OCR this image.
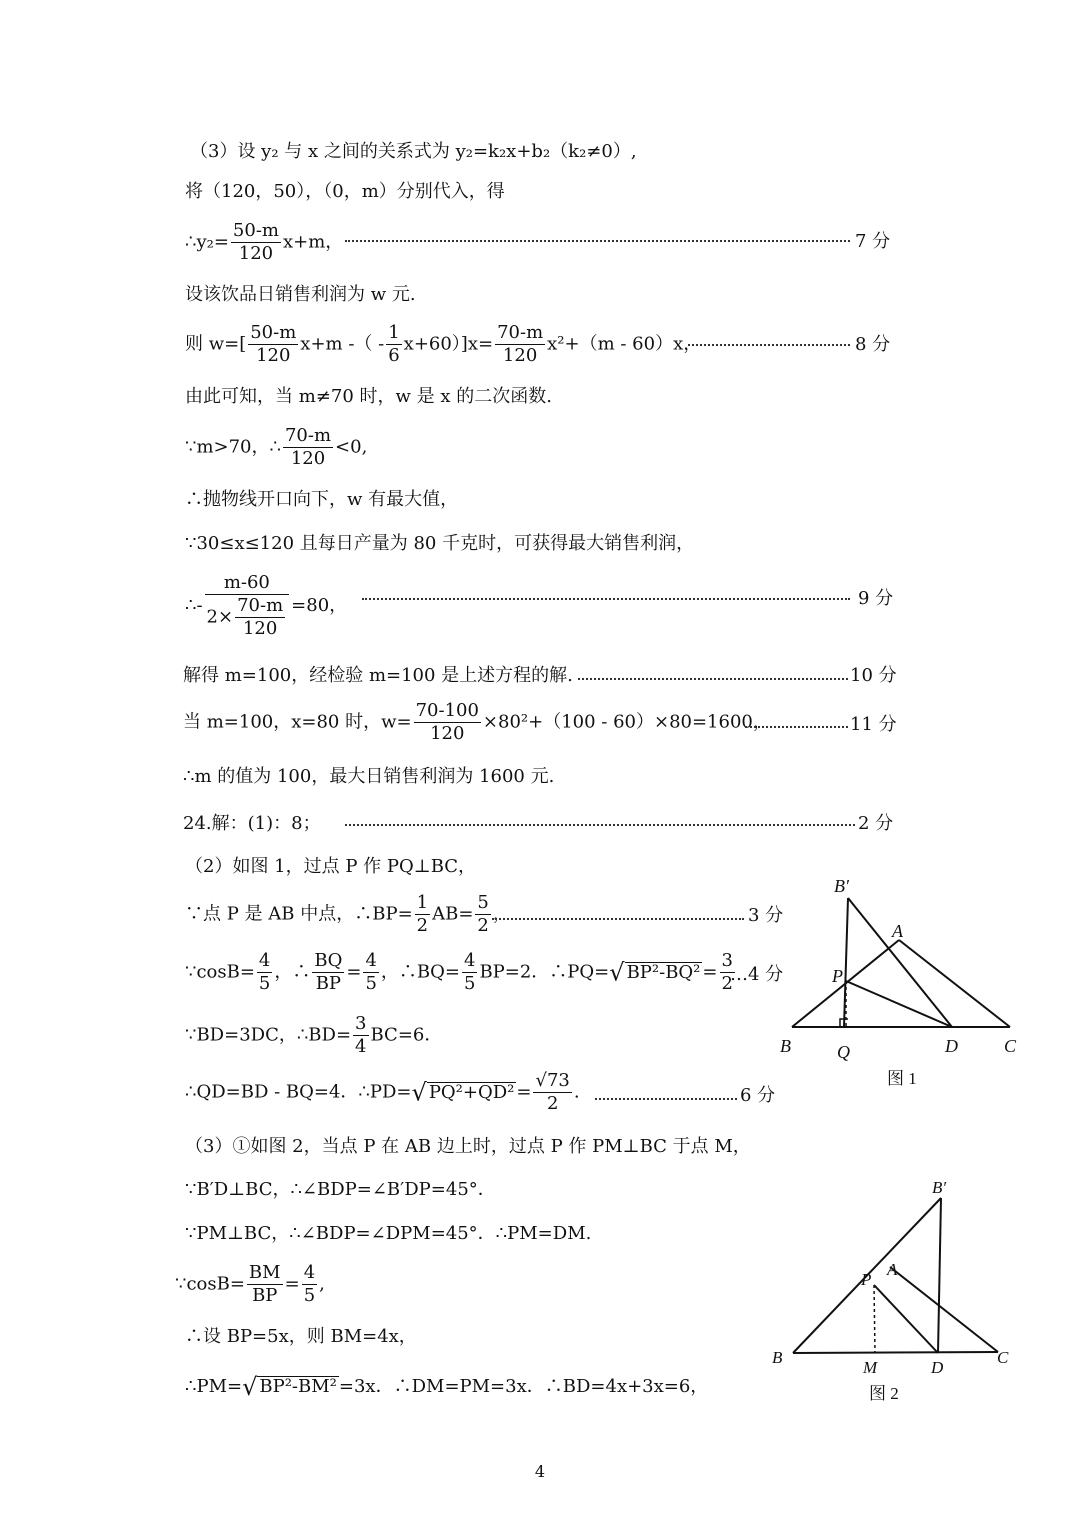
（3）设 y₂ 与 x 之间的关系式为 y₂=k₂x+b₂（k₂≠0）,
将（120，50），（0，m）分别代入，得
∴y₂= $\frac{50-m}{120} x+m$，	7 分
设该饮品日销售利润为 w 元.
则 $w=[ \frac{50-m}{120} x+m$ -（ - $\frac{1}{6} x+60)]x= \frac{70-m}{120} x^2+(m - 60)x$，	8 分
由此可知，当 m≠70 时，w 是 x 的二次函数.
∵m>70，∴ $\frac{70-m}{120} <0$,
∴抛物线开口向下，w 有最大值，
∵30≤x≤120 且每日产量为 80 千克时，可获得最大销售利润，
∴- $\frac{m-60}{2\times \frac{70-m}{120}} =80$，	9 分
解得 m=100，经检验 m=100 是上述方程的解.	10 分
当 m=100，x=80 时，$w= \frac{70-100}{120} \times 80^2+(100 - 60)\times 80=1600$，	11 分
∴m 的值为 100，最大日销售利润为 1600 元.
24.解：(1)：8；	2 分
（2）如图 1，过点 P 作 PQ⊥BC，
∵点 P 是 AB 中点，∴BP= $\frac{1}{2} AB= \frac{5}{2}$ ，	3 分
∵cosB= $\frac{4}{5}$ ，∴ $\frac{BQ}{BP} = \frac{4}{5}$ ，∴BQ= $\frac{4}{5} BP=2$．∴PQ=√ $BP^2-BQ^2 = \frac{3}{2}$
…4 分
∵BD=3DC，∴BD= $\frac{3}{4} BC=6$．
∴QD=BD - BQ=4．∴PD=√ $PQ^2+QD^2 = \frac{√73}{2}$ .	6 分
（3）①如图 2，当点 P 在 AB 边上时，过点 P 作 PM⊥BC 于点 M，
∵B′D⊥BC，∴∠BDP=∠B′DP=45°．
∵PM⊥BC，∴∠BDP=∠DPM=45°．∴PM=DM.
∵cosB= $\frac{BM}{BP} = \frac{4}{5}$ ,
∴设 BP=5x，则 BM=4x，
∴PM=√ BP²-BM² =3x．∴DM=PM=3x．∴BD=4x+3x=6，
B′
A
P
B	Q	D	C
图 1
B′
A
P
B
M	D
C
图 2
4
